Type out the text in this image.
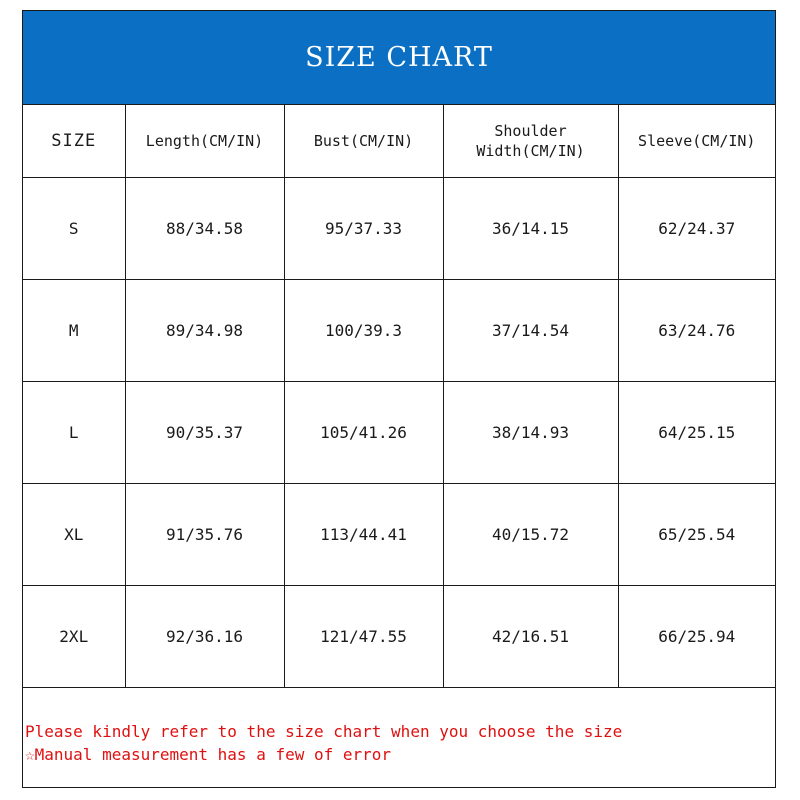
SIZE CHART
SIZE	Length(CM/IN)	Bust(CM/IN)	Shoulder Width(CM/IN)	Sleeve(CM/IN)
S	88/34.58	95/37.33	36/14.15	62/24.37
M	89/34.98	100/39.3	37/14.54	63/24.76
L	90/35.37	105/41.26	38/14.93	64/25.15
XL	91/35.76	113/44.41	40/15.72	65/25.54
2XL	92/36.16	121/47.55	42/16.51	66/25.94
Please kindly refer to the size chart when you choose the size
☆Manual measurement has a few of error
